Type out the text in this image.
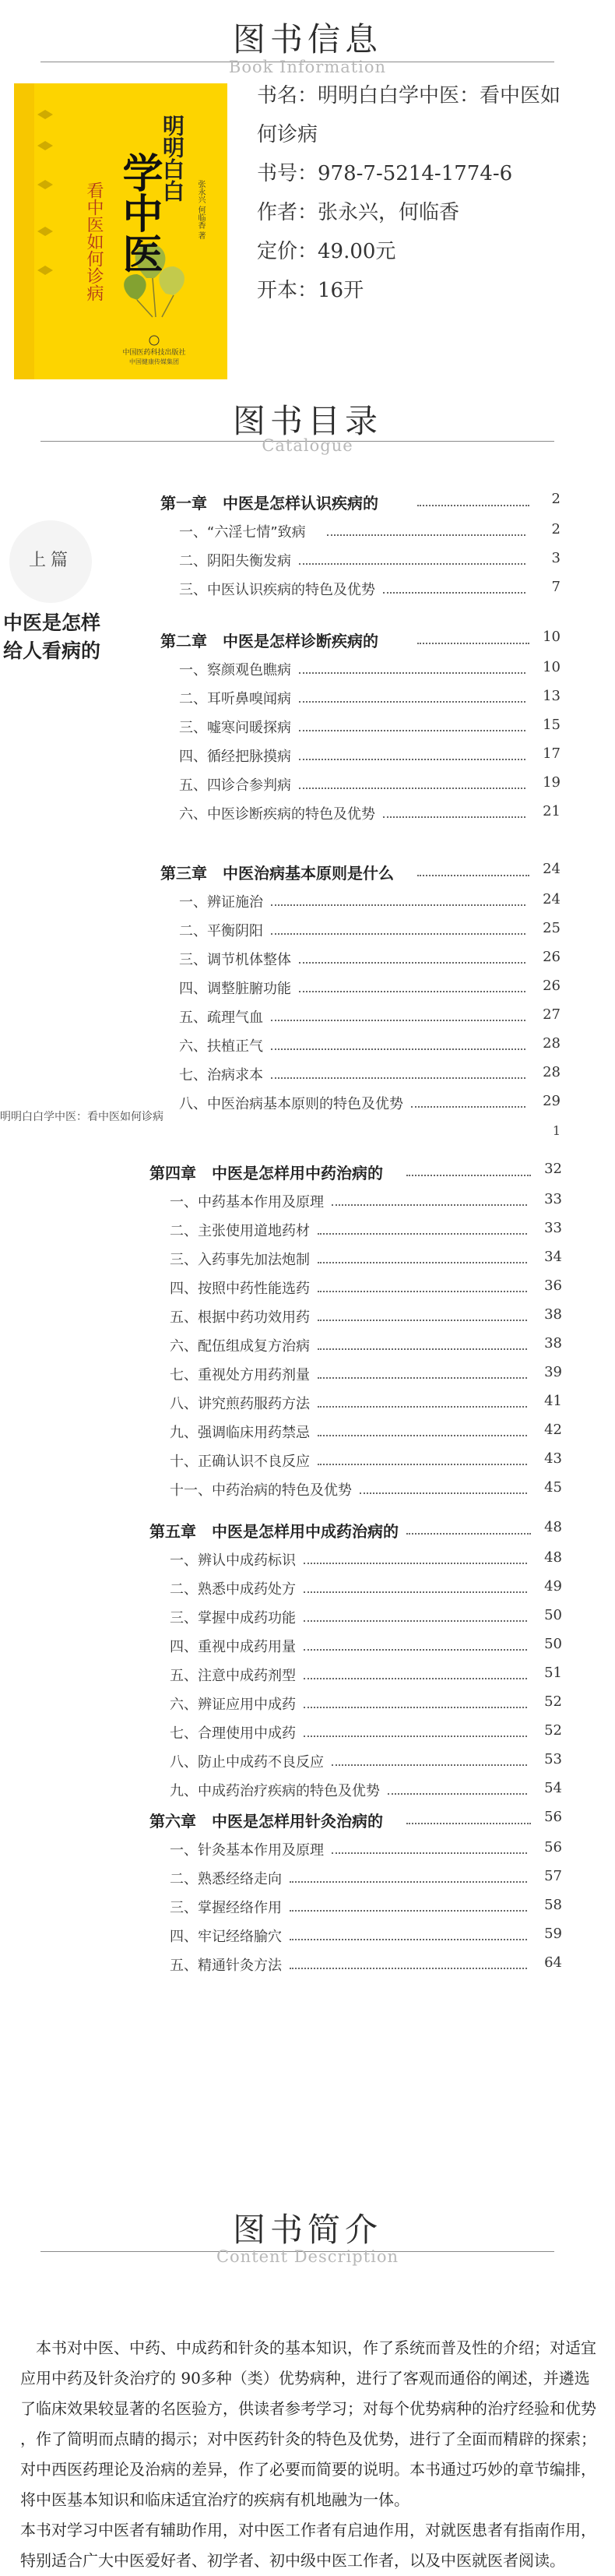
图书信息
Book Information
明明白白
学中医
看中医如何诊病	张永兴 何临香 著
中国医药科技出版社
中国健康传媒集团
书名：明明白白学中医：看中医如
何诊病
书号：978-7-5214-1774-6
作者：张永兴，何临香
定价：49.00元
开本：16开
图书目录
Catalogue
上篇
中医是怎样
给人看病的
第一章　中医是怎样认识疾病的	2
一、“六淫七情”致病	2
二、阴阳失衡发病	3
三、中医认识疾病的特色及优势	7
第二章　中医是怎样诊断疾病的	10
一、察颜观色瞧病	10
二、耳听鼻嗅闻病	13
三、嘘寒问暖探病	15
四、循经把脉摸病	17
五、四诊合参判病	19
六、中医诊断疾病的特色及优势	21
第三章　中医治病基本原则是什么	24
一、辨证施治	24
二、平衡阴阳	25
三、调节机体整体	26
四、调整脏腑功能	26
五、疏理气血	27
六、扶植正气	28
七、治病求本	28
八、中医治病基本原则的特色及优势	29
第四章　中医是怎样用中药治病的	32
一、中药基本作用及原理	33
二、主张使用道地药材	33
三、入药事先加法炮制	34
四、按照中药性能选药	36
五、根据中药功效用药	38
六、配伍组成复方治病	38
七、重视处方用药剂量	39
八、讲究煎药服药方法	41
九、强调临床用药禁忌	42
十、正确认识不良反应	43
十一、中药治病的特色及优势	45
第五章　中医是怎样用中成药治病的	48
一、辨认中成药标识	48
二、熟悉中成药处方	49
三、掌握中成药功能	50
四、重视中成药用量	50
五、注意中成药剂型	51
六、辨证应用中成药	52
七、合理使用中成药	52
八、防止中成药不良反应	53
九、中成药治疗疾病的特色及优势	54
第六章　中医是怎样用针灸治病的	56
一、针灸基本作用及原理	56
二、熟悉经络走向	57
三、掌握经络作用	58
四、牢记经络腧穴	59
五、精通针灸方法	64
明明白白学中医：看中医如何诊病
1
图书简介
Content Description

　本书对中医、中药、中成药和针灸的基本知识，作了系统而普及性的介绍；对适宜

应用中药及针灸治疗的 90多种（类）优势病种，进行了客观而通俗的阐述，并遴选

了临床效果较显著的名医验方，供读者参考学习；对每个优势病种的治疗经验和优势

，作了简明而点睛的揭示；对中医药针灸的特色及优势，进行了全面而精辟的探索；

对中西医药理论及治病的差异，作了必要而简要的说明。本书通过巧妙的章节编排，

将中医基本知识和临床适宜治疗的疾病有机地融为一体。

本书对学习中医者有辅助作用，对中医工作者有启迪作用，对就医患者有指南作用，

特别适合广大中医爱好者、初学者、初中级中医工作者，以及中医就医者阅读。
